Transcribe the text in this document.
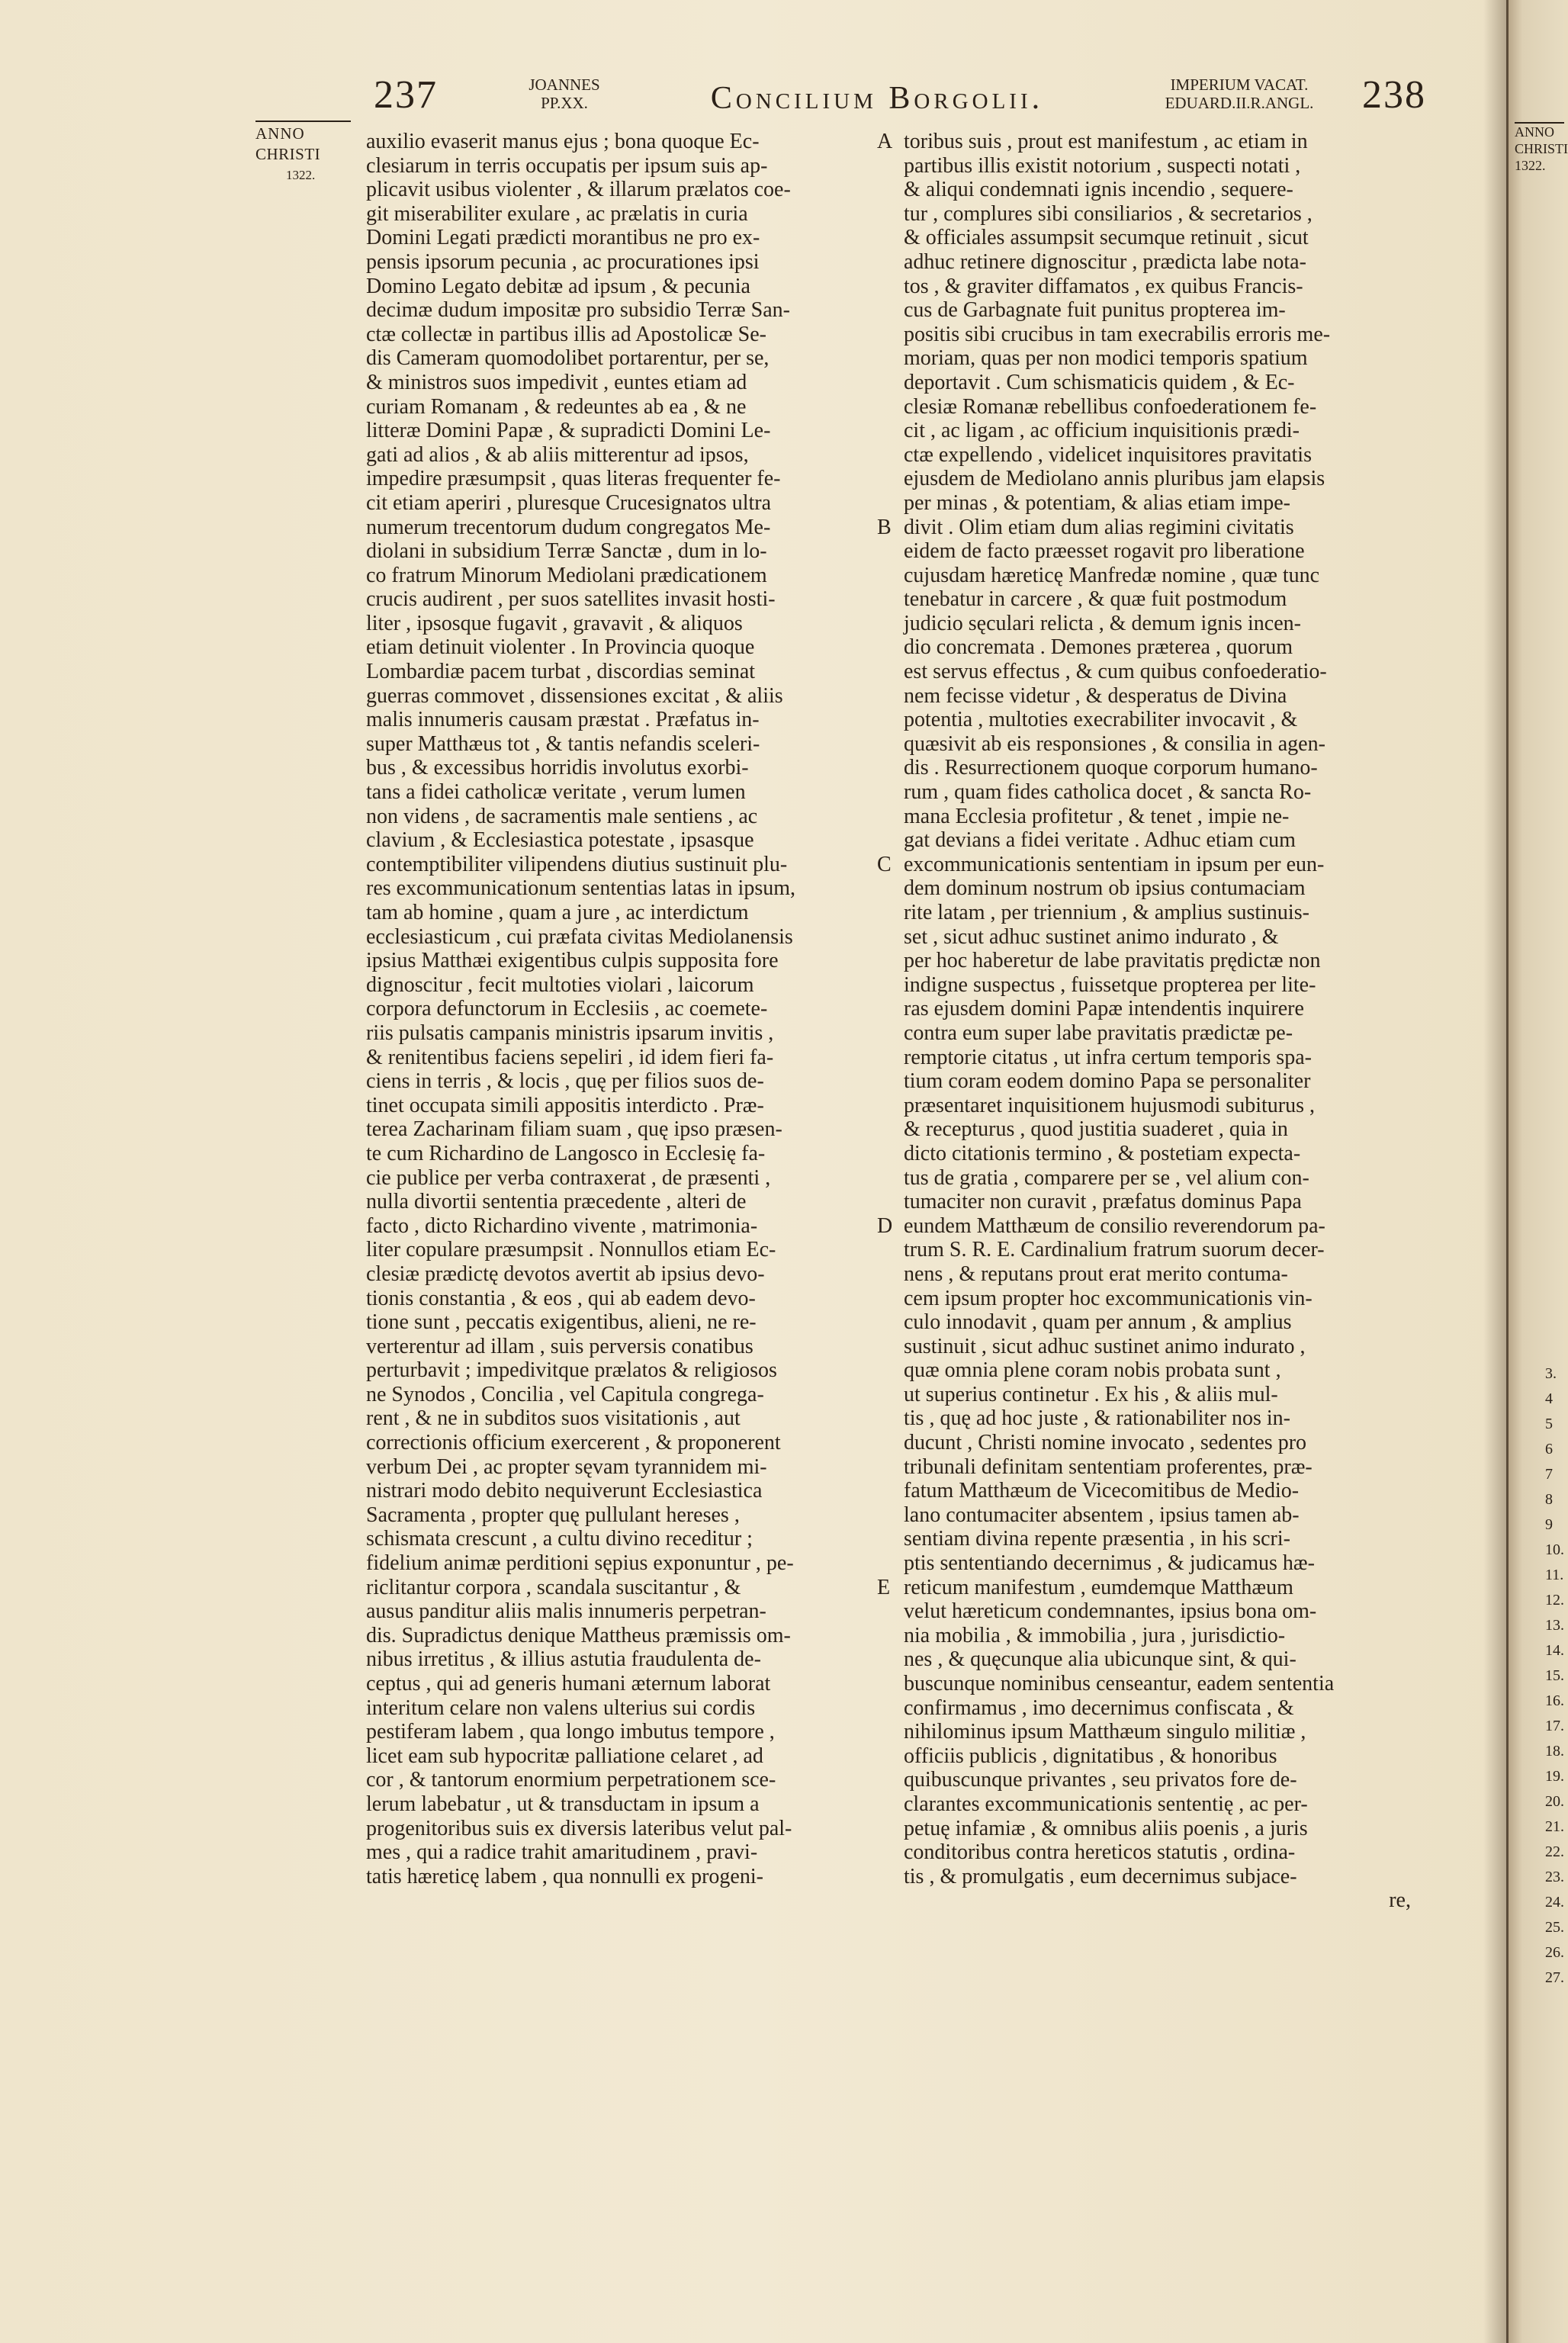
237	JOANNES
PP.XX.	Concilium Borgolii.	IMPERIUM VACAT.
EDUARD.II.R.ANGL.	238
ANNO
CHRISTI
1322.
auxilio evaserit manus ejus ; bona quoque Ec-
clesiarum in terris occupatis per ipsum suis ap-
plicavit usibus violenter , & illarum prælatos coe-
git miserabiliter exulare , ac prælatis in curia
Domini Legati prædicti morantibus ne pro ex-
pensis ipsorum pecunia , ac procurationes ipsi
Domino Legato debitæ ad ipsum , & pecunia
decimæ dudum impositæ pro subsidio Terræ San-
ctæ collectæ in partibus illis ad Apostolicæ Se-
dis Cameram quomodolibet portarentur, per se,
& ministros suos impedivit , euntes etiam ad
curiam Romanam , & redeuntes ab ea , & ne
litteræ Domini Papæ , & supradicti Domini Le-
gati ad alios , & ab aliis mitterentur ad ipsos,
impedire præsumpsit , quas literas frequenter fe-
cit etiam aperiri , pluresque Crucesignatos ultra
numerum trecentorum dudum congregatos Me-
diolani in subsidium Terræ Sanctæ , dum in lo-
co fratrum Minorum Mediolani prædicationem
crucis audirent , per suos satellites invasit hosti-
liter , ipsosque fugavit , gravavit , & aliquos
etiam detinuit violenter . In Provincia quoque
Lombardiæ pacem turbat , discordias seminat
guerras commovet , dissensiones excitat , & aliis
malis innumeris causam præstat . Præfatus in-
super Matthæus tot , & tantis nefandis sceleri-
bus , & excessibus horridis involutus exorbi-
tans a fidei catholicæ veritate , verum lumen
non videns , de sacramentis male sentiens , ac
clavium , & Ecclesiastica potestate , ipsasque
contemptibiliter vilipendens diutius sustinuit plu-
res excommunicationum sententias latas in ipsum,
tam ab homine , quam a jure , ac interdictum
ecclesiasticum , cui præfata civitas Mediolanensis
ipsius Matthæi exigentibus culpis supposita fore
dignoscitur , fecit multoties violari , laicorum
corpora defunctorum in Ecclesiis , ac coemete-
riis pulsatis campanis ministris ipsarum invitis ,
& renitentibus faciens sepeliri , id idem fieri fa-
ciens in terris , & locis , quę per filios suos de-
tinet occupata simili appositis interdicto . Præ-
terea Zacharinam filiam suam , quę ipso præsen-
te cum Richardino de Langosco in Ecclesię fa-
cie publice per verba contraxerat , de præsenti ,
nulla divortii sententia præcedente , alteri de
facto , dicto Richardino vivente , matrimonia-
liter copulare præsumpsit . Nonnullos etiam Ec-
clesiæ prædictę devotos avertit ab ipsius devo-
tionis constantia , & eos , qui ab eadem devo-
tione sunt , peccatis exigentibus, alieni, ne re-
verterentur ad illam , suis perversis conatibus
perturbavit ; impedivitque prælatos & religiosos
ne Synodos , Concilia , vel Capitula congrega-
rent , & ne in subditos suos visitationis , aut
correctionis officium exercerent , & proponerent
verbum Dei , ac propter sęvam tyrannidem mi-
nistrari modo debito nequiverunt Ecclesiastica
Sacramenta , propter quę pullulant hereses ,
schismata crescunt , a cultu divino receditur ;
fidelium animæ perditioni sępius exponuntur , pe-
riclitantur corpora , scandala suscitantur , &
ausus panditur aliis malis innumeris perpetran-
dis. Supradictus denique Mattheus præmissis om-
nibus irretitus , & illius astutia fraudulenta de-
ceptus , qui ad generis humani æternum laborat
interitum celare non valens ulterius sui cordis
pestiferam labem , qua longo imbutus tempore ,
licet eam sub hypocritæ palliatione celaret , ad
cor , & tantorum enormium perpetrationem sce-
lerum labebatur , ut & transductam in ipsum a
progenitoribus suis ex diversis lateribus velut pal-
mes , qui a radice trahit amaritudinem , pravi-
tatis hæreticę labem , qua nonnulli ex progeni-
A
B
C
D
E
toribus suis , prout est manifestum , ac etiam in
partibus illis existit notorium , suspecti notati ,
& aliqui condemnati ignis incendio , sequere-
tur , complures sibi consiliarios , & secretarios ,
& officiales assumpsit secumque retinuit , sicut
adhuc retinere dignoscitur , prædicta labe nota-
tos , & graviter diffamatos , ex quibus Francis-
cus de Garbagnate fuit punitus propterea im-
positis sibi crucibus in tam execrabilis erroris me-
moriam, quas per non modici temporis spatium
deportavit . Cum schismaticis quidem , & Ec-
clesiæ Romanæ rebellibus confoederationem fe-
cit , ac ligam , ac officium inquisitionis prædi-
ctæ expellendo , videlicet inquisitores pravitatis
ejusdem de Mediolano annis pluribus jam elapsis
per minas , & potentiam, & alias etiam impe-
divit . Olim etiam dum alias regimini civitatis
eidem de facto præesset rogavit pro liberatione
cujusdam hæreticę Manfredæ nomine , quæ tunc
tenebatur in carcere , & quæ fuit postmodum
judicio sęculari relicta , & demum ignis incen-
dio concremata . Demones præterea , quorum
est servus effectus , & cum quibus confoederatio-
nem fecisse videtur , & desperatus de Divina
potentia , multoties execrabiliter invocavit , &
quæsivit ab eis responsiones , & consilia in agen-
dis . Resurrectionem quoque corporum humano-
rum , quam fides catholica docet , & sancta Ro-
mana Ecclesia profitetur , & tenet , impie ne-
gat devians a fidei veritate . Adhuc etiam cum
excommunicationis sententiam in ipsum per eun-
dem dominum nostrum ob ipsius contumaciam
rite latam , per triennium , & amplius sustinuis-
set , sicut adhuc sustinet animo indurato , &
per hoc haberetur de labe pravitatis prędictæ non
indigne suspectus , fuissetque propterea per lite-
ras ejusdem domini Papæ intendentis inquirere
contra eum super labe pravitatis prædictæ pe-
remptorie citatus , ut infra certum temporis spa-
tium coram eodem domino Papa se personaliter
præsentaret inquisitionem hujusmodi subiturus ,
& recepturus , quod justitia suaderet , quia in
dicto citationis termino , & postetiam expecta-
tus de gratia , comparere per se , vel alium con-
tumaciter non curavit , præfatus dominus Papa
eundem Matthæum de consilio reverendorum pa-
trum S. R. E. Cardinalium fratrum suorum decer-
nens , & reputans prout erat merito contuma-
cem ipsum propter hoc excommunicationis vin-
culo innodavit , quam per annum , & amplius
sustinuit , sicut adhuc sustinet animo indurato ,
quæ omnia plene coram nobis probata sunt ,
ut superius continetur . Ex his , & aliis mul-
tis , quę ad hoc juste , & rationabiliter nos in-
ducunt , Christi nomine invocato , sedentes pro
tribunali definitam sententiam proferentes, præ-
fatum Matthæum de Vicecomitibus de Medio-
lano contumaciter absentem , ipsius tamen ab-
sentiam divina repente præsentia , in his scri-
ptis sententiando decernimus , & judicamus hæ-
reticum manifestum , eumdemque Matthæum
velut hæreticum condemnantes, ipsius bona om-
nia mobilia , & immobilia , jura , jurisdictio-
nes , & quęcunque alia ubicunque sint, & qui-
buscunque nominibus censeantur, eadem sententia
confirmamus , imo decernimus confiscata , &
nihilominus ipsum Matthæum singulo militiæ ,
officiis publicis , dignitatibus , & honoribus
quibuscunque privantes , seu privatos fore de-
clarantes excommunicationis sententię , ac per-
petuę infamiæ , & omnibus aliis poenis , a juris
conditoribus contra hereticos statutis , ordina-
tis , & promulgatis , eum decernimus subjace-
re,
ANNO
CHRISTI
1322.
3.
4
5
6
7
8
9
10.
11.
12.
13.
14.
15.
16.
17.
18.
19.
20.
21.
22.
23.
24.
25.
26.
27.
